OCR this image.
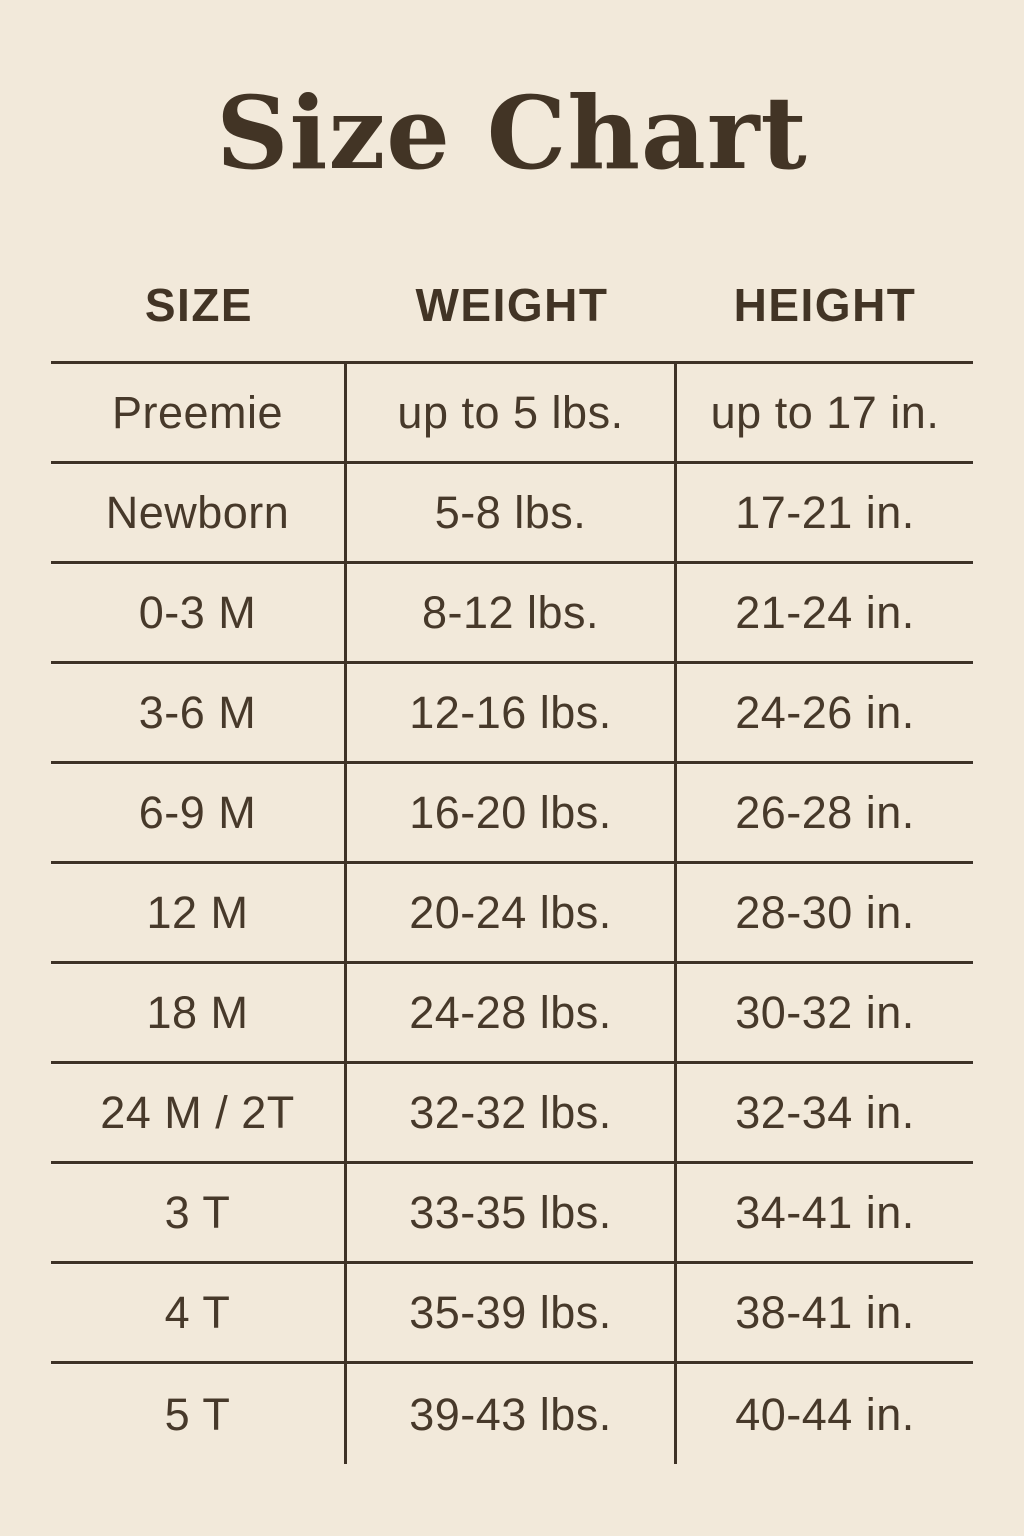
Size Chart
SIZE	WEIGHT	HEIGHT
Preemie	up to 5 lbs.	up to 17 in.
Newborn	5-8 lbs.	17-21 in.
0-3 M	8-12 lbs.	21-24 in.
3-6 M	12-16 lbs.	24-26 in.
6-9 M	16-20 lbs.	26-28 in.
12 M	20-24 lbs.	28-30 in.
18 M	24-28 lbs.	30-32 in.
24 M / 2T	32-32 lbs.	32-34 in.
3 T	33-35 lbs.	34-41 in.
4 T	35-39 lbs.	38-41 in.
5 T	39-43 lbs.	40-44 in.
